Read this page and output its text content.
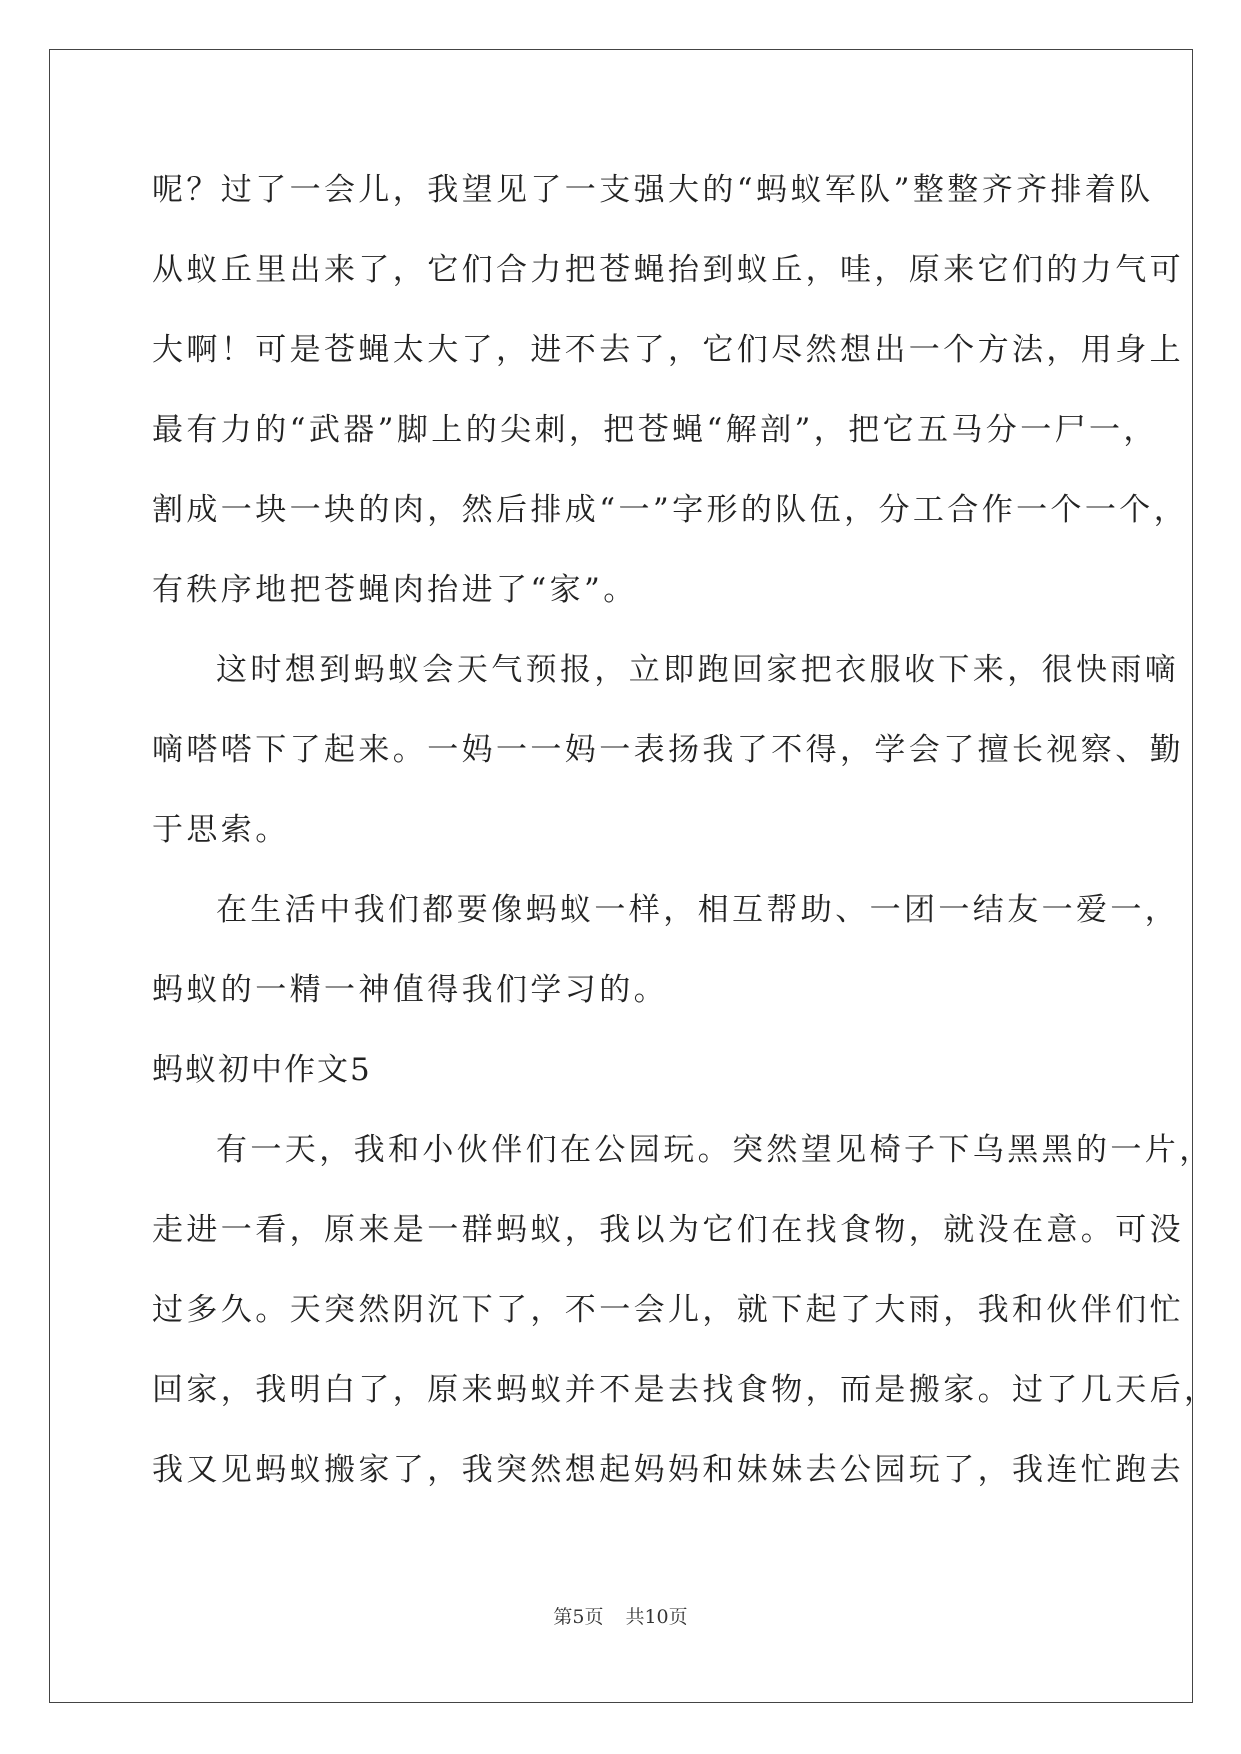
呢？过了一会儿，我望见了一支强大的“蚂蚁军队”整整齐齐排着队
从蚁丘里出来了，它们合力把苍蝇抬到蚁丘，哇，原来它们的力气可
大啊！可是苍蝇太大了，进不去了，它们尽然想出一个方法，用身上
最有力的“武器”脚上的尖刺，把苍蝇“解剖”，把它五马分一尸一，
割成一块一块的肉，然后排成“一”字形的队伍，分工合作一个一个，
有秩序地把苍蝇肉抬进了“家”。
这时想到蚂蚁会天气预报，立即跑回家把衣服收下来，很快雨嘀
嘀嗒嗒下了起来。一妈一一妈一表扬我了不得，学会了擅长视察、勤
于思索。
在生活中我们都要像蚂蚁一样，相互帮助、一团一结友一爱一，
蚂蚁的一精一神值得我们学习的。
蚂蚁初中作文5
有一天，我和小伙伴们在公园玩。突然望见椅子下乌黑黑的一片，
走进一看，原来是一群蚂蚁，我以为它们在找食物，就没在意。可没
过多久。天突然阴沉下了，不一会儿，就下起了大雨，我和伙伴们忙
回家，我明白了，原来蚂蚁并不是去找食物，而是搬家。过了几天后，
我又见蚂蚁搬家了，我突然想起妈妈和妹妹去公园玩了，我连忙跑去
第5页 共10页
